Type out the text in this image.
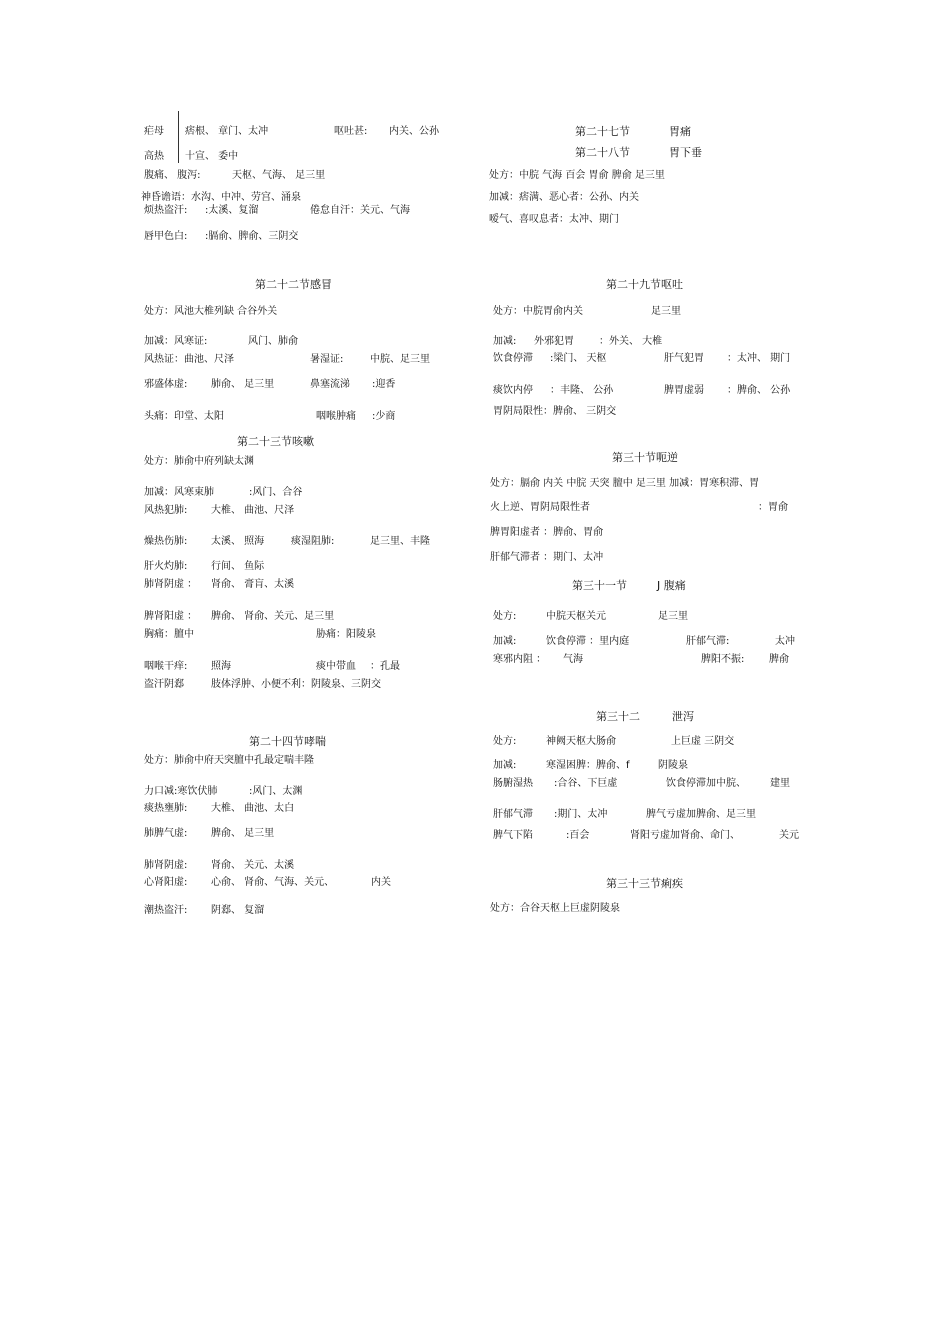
疟母 痞根、 章门、太冲	呕吐甚: 内关、公孙
高热 十宣、 委中
腹痛、 腹泻:	天枢、气海、 足三里
神昏谵语：水沟、中冲、劳宫、涌泉
烦热盗汗: :太溪、复溜	倦怠自汗：关元、气海
唇甲色白: :膈俞、脾俞、三阴交
第二十二节感冒
处方：风池大椎列缺 合谷外关
加减：风寒证:	风门、肺俞
风热证：曲池、尺泽	暑湿证:	中脘、足三里
邪盛体虚: 肺俞、 足三里	鼻塞流涕 :迎香
头痛：印堂、太阳	咽喉肿痛 :少商
第二十三节咳嗽
处方：肺俞中府列缺太渊
加减：风寒束肺	:风门、合谷
风热犯肺: 大椎、 曲池、尺泽
燥热伤肺: 太溪、 照海	痰湿阻肺:	足三里、丰隆
肝火灼肺: 行间、 鱼际
肺肾阴虚 ： 肾俞、 膏肓、太溪
脾肾阳虚 ： 脾俞、 肾俞、关元、足三里
胸痛：膻中	胁痛：阳陵泉
咽喉干痒: 照海	痰中带血 ：孔最
盗汗阴郄	肢体浮肿、小便不利：阴陵泉、三阴交
第二十四节哮喘
处方：肺俞中府天突膻中孔最定喘丰隆
力口减:寒饮伏肺	:风门、太渊
痰热壅肺: 大椎、 曲池、太白
肺脾气虚: 脾俞、 足三里
肺肾阴虚: 肾俞、 关元、太溪
心肾阳虚: 心俞、 肾俞、气海、关元、	内关
潮热盗汗: 阴郄、 复溜
第二十七节	胃痛
第二十八节	胃下垂
处方：中脘 气海 百会 胃俞 脾俞 足三里
加减：痞满、恶心者：公孙、内关
嗳气、喜叹息者：太冲、期门
第二十九节呕吐
处方：中脘胃俞内关	足三里
加减: 外邪犯胃	：外关、 大椎
饮食停滞 :梁门、 天枢	肝气犯胃 ：太冲、 期门
痰饮内停 ：丰隆、 公孙	脾胃虚弱 ：脾俞、 公孙
胃阴局限性：脾俞、 三阴交
第三十节呃逆
处方：膈俞 内关 中脘 天突 膻中 足三里 加减：胃寒积滞、胃
火上逆、胃阴局限性者	：胃俞
脾胃阳虚者 ：脾俞、胃俞
肝郁气滞者 ：期门、太冲
第三十一节	J 腹痛
处方:	中脘天枢关元	足三里
加减:	饮食停滞 ：里内庭	肝郁气滞:	太冲
寒邪内阻 ： 气海	脾阳不振: 脾俞
第三十二	泄泻
处方:	神阙天枢大肠俞	上巨虚 三阴交
加减:	寒湿困脾：脾俞、f	阴陵泉
肠腑湿热 :合谷、下巨虚	饮食停滞加中脘、 建里
肝郁气滞 :期门、太冲	脾气亏虚加脾俞、足三里
脾气下陷	:百会	肾阳亏虚加肾俞、命门、	关元
第三十三节痢疾
处方：合谷天枢上巨虚阴陵泉
